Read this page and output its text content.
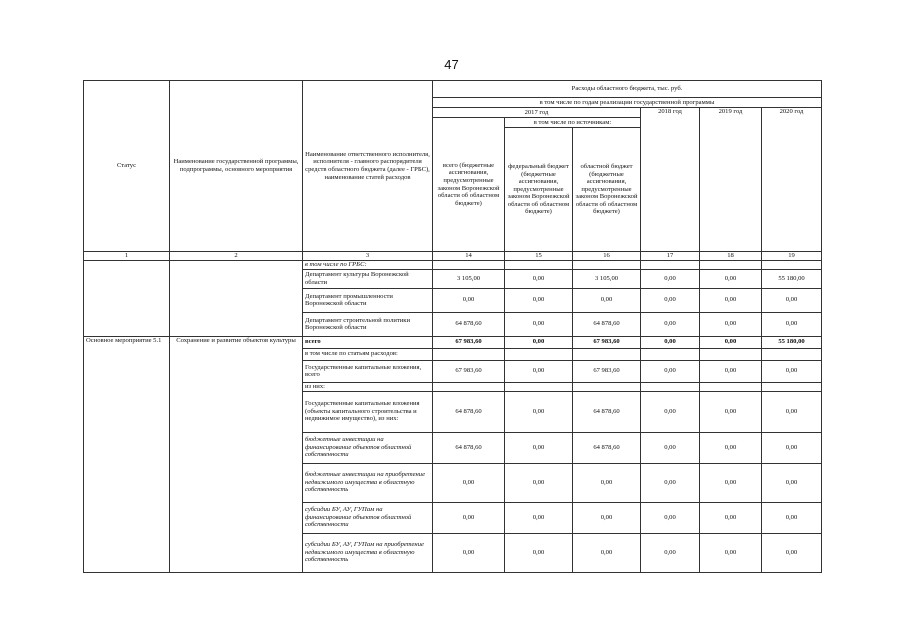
47
Статус	Наименование государственной программы, подпрограммы, основного мероприятия	Наименование ответственного исполнителя, исполнителя - главного распорядителя средств областного бюджета (далее - ГРБС), наименование статей расходов	Расходы областного бюджета, тыс. руб.					
			в том числе по годам реализации государственной программы					
			2017 год			2018 год	2019 год	2020 год
			всего (бюджетные ассигнования, предусмотренные законом Воронежской области об областном бюджете)	в том числе по источникам:				
				федеральный бюджет (бюджетные ассигнования, предусмотренные законом Воронежской области об областном бюджете)	областной бюджет (бюджетные ассигнования, предусмотренные законом Воронежской области об областном бюджете)			
1	2	3	14	15	16	17	18	19
		в том числе по ГРБС:						
		Департамент культуры Воронежской области	3 105,00	0,00	3 105,00	0,00	0,00	55 180,00
		Департамент промышленности Воронежской области	0,00	0,00	0,00	0,00	0,00	0,00
		Департамент строительной политики Воронежской области	64 878,60	0,00	64 878,60	0,00	0,00	0,00
Основное мероприятие 5.1	Сохранение и развитие объектов культуры	всего	67 983,60	0,00	67 983,60	0,00	0,00	55 180,00
		в том числе по статьям расходов:						
		Государственные капитальные вложения, всего	67 983,60	0,00	67 983,60	0,00	0,00	0,00
		из них:						
		Государственные капитальные вложения (объекты капитального строительства и недвижимое имущество), из них:	64 878,60	0,00	64 878,60	0,00	0,00	0,00
		бюджетные инвестиции на финансирование объектов областной собственности	64 878,60	0,00	64 878,60	0,00	0,00	0,00
		бюджетные инвестиции на приобретение недвижимого имущества в областную собственность	0,00	0,00	0,00	0,00	0,00	0,00
		субсидии БУ, АУ, ГУПам на финансирование объектов областной собственности	0,00	0,00	0,00	0,00	0,00	0,00
		субсидии БУ, АУ, ГУПам на приобретение недвижимого имущества в областную собственность	0,00	0,00	0,00	0,00	0,00	0,00
